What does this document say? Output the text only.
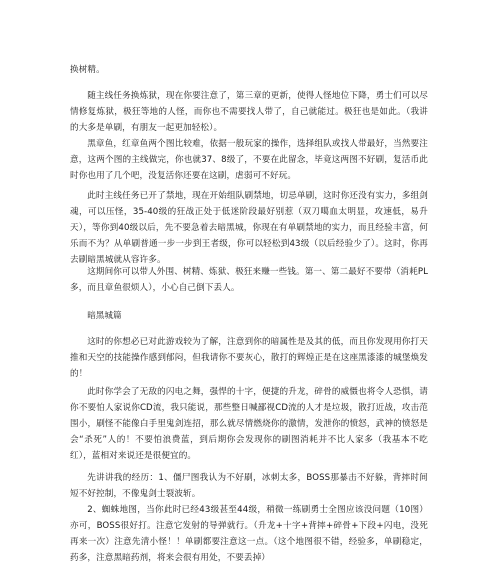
换树精。

随主线任务换炼狱，现在你要注意了，第三章的更新，使得人怪地位下降，勇士们可以尽情修复炼狱，极狂等地的人怪，而你也不需要找人带了，自己就能过。极狂也是如此。（我讲的大多是单刷，有朋友一起更加轻松）。

黑章鱼，红章鱼两个图比较难，依据一般玩家的操作，选择组队或找人带最好，当然要注意，这两个图的主线做完，你也就37、8级了，不要在此留念，毕竟这两图不好刷，复活币此时你也用了几个吧，没复活你还要在这刷，虐弱可不好玩。

此时主线任务已开了禁地，现在开始组队刷禁地，切忌单刷，这时你还没有实力，多组剑魂，可以压怪，35-40级的狂战正处于低迷阶段最好别惹（双刀噶血太明显，攻速低，易升天），等你到40级以后，先不要急着去暗黑城，你现在有单刷禁地的实力，而且经验丰富，何乐而不为？从单刷普通一步一步到王者级，你可以轻松到43级（以后经验少了）。这时，你再去刷暗黑城就从容许多。

这期间你可以带人外围、树精、炼狱、极狂来赚一些钱。第一、第二最好不要带（消耗PL多，而且章鱼很烦人），小心自己倒下丢人。

暗黑城篇

这时的你想必已对此游戏较为了解，注意到你的暗属性是及其的低，而且你发现用你打天推和天空的技能操作感到郁闷，但我请你不要灰心，散打的辉煌正是在这座黑漆漆的城堡焕发的！

此时你学会了无敌的闪电之舞，强悍的十字，便捷的升龙，碎骨的威慑也将令人恐惧，请你不要怕人家说你CD流，我只能说，那些整日喊鄙视CD流的人才是垃圾，散打近战，攻击范围小，刷怪不能像白手里鬼剑连招，那么就尽情燃烧你的激情，发泄你的愤怒，武神的愤怒是会“杀死”人的！不要怕浪费蓝，到后期你会发现你的刷图消耗并不比人家多（我基本不吃红），蓝相对来说还是很便宜的。

先讲讲我的经历：1、僵尸图我认为不好刷，冰刺太多，BOSS那暴击不好躲，背摔时间短不好控制，不像鬼剑士裂波斩。

2、蜘蛛地图，当你此时已经43级甚至44级，稍微一练刷勇士全图应该没问题（10图）亦可，BOSS很好打。注意它发射的导弹就行。（升龙+十字+背摔+碎骨+下段+闪电，没死再来一次）注意先清小怪！！单刷都要注意这一点。（这个地图很不错，经验多，单刷稳定，药多，注意黑暗药剂，将来会很有用处，不要丢掉）
